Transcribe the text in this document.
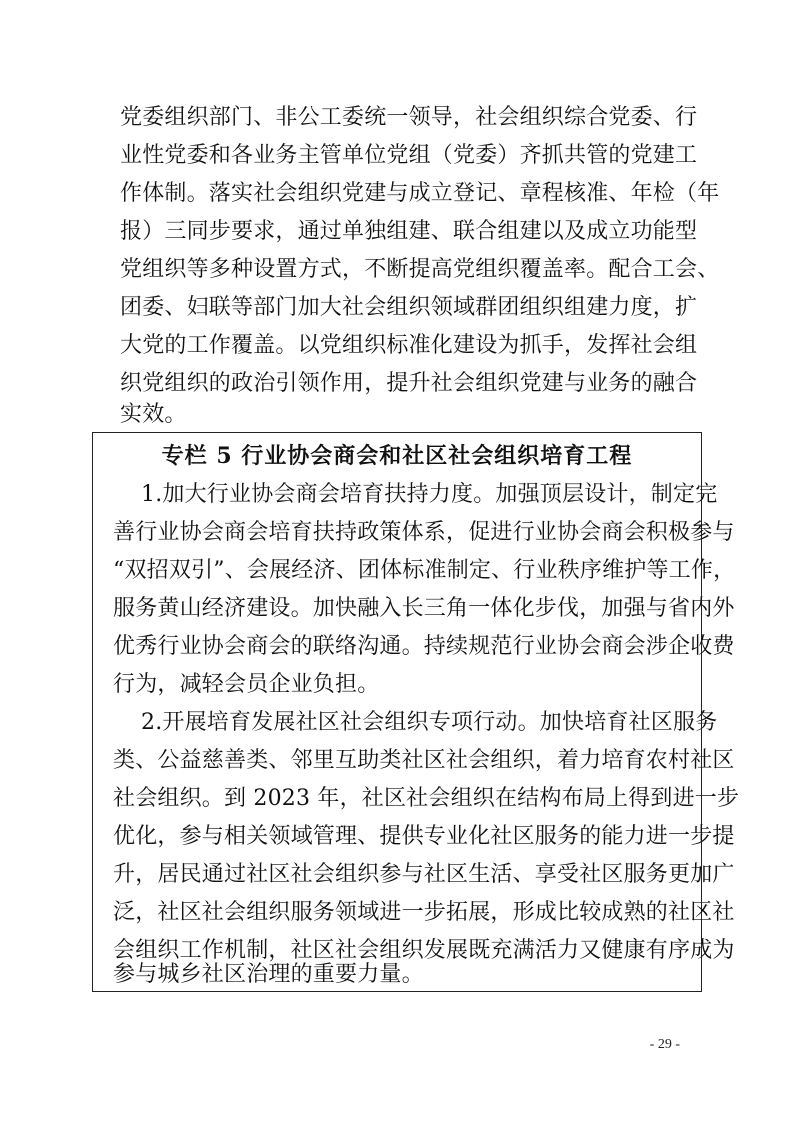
党委组织部门、非公工委统一领导，社会组织综合党委、行
业性党委和各业务主管单位党组（党委）齐抓共管的党建工
作体制。落实社会组织党建与成立登记、章程核准、年检（年
报）三同步要求，通过单独组建、联合组建以及成立功能型
党组织等多种设置方式，不断提高党组织覆盖率。配合工会、
团委、妇联等部门加大社会组织领域群团组织组建力度，扩
大党的工作覆盖。以党组织标准化建设为抓手，发挥社会组
织党组织的政治引领作用，提升社会组织党建与业务的融合
实效。
专栏 5 行业协会商会和社区社会组织培育工程
1.加大行业协会商会培育扶持力度。加强顶层设计，制定完
善行业协会商会培育扶持政策体系，促进行业协会商会积极参与
“双招双引”、会展经济、团体标准制定、行业秩序维护等工作，
服务黄山经济建设。加快融入长三角一体化步伐，加强与省内外
优秀行业协会商会的联络沟通。持续规范行业协会商会涉企收费
行为，减轻会员企业负担。
2.开展培育发展社区社会组织专项行动。加快培育社区服务
类、公益慈善类、邻里互助类社区社会组织，着力培育农村社区
社会组织。到 2023 年，社区社会组织在结构布局上得到进一步
优化，参与相关领域管理、提供专业化社区服务的能力进一步提
升，居民通过社区社会组织参与社区生活、享受社区服务更加广
泛，社区社会组织服务领域进一步拓展，形成比较成熟的社区社
会组织工作机制，社区社会组织发展既充满活力又健康有序成为
参与城乡社区治理的重要力量。
- 29 -
